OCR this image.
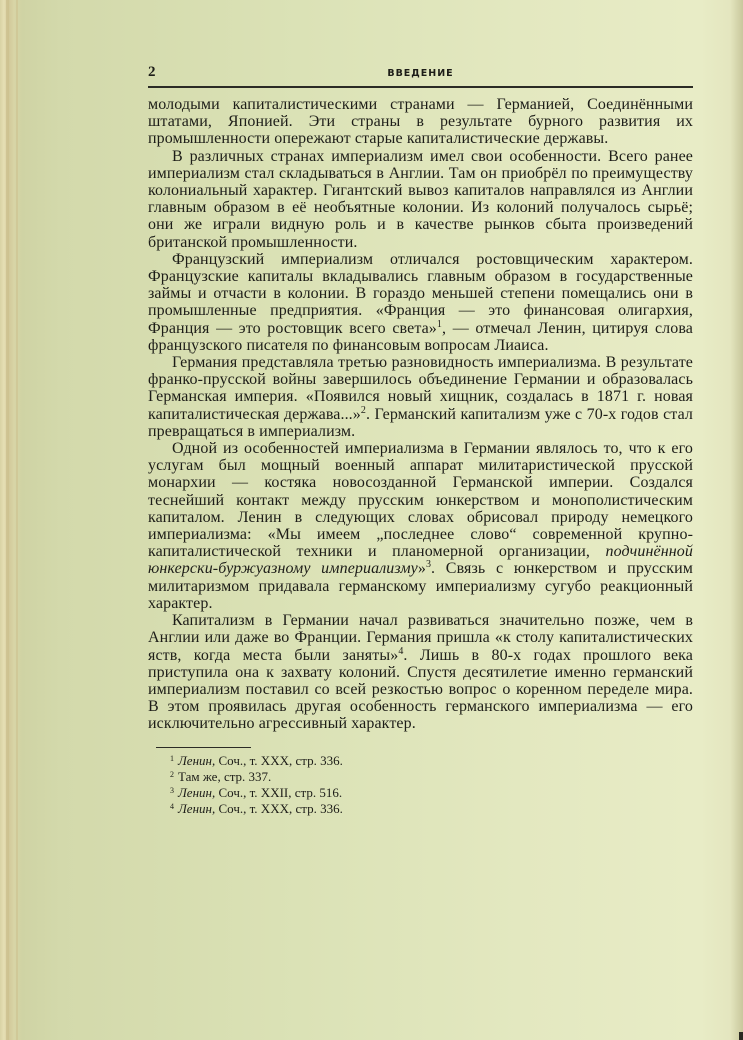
2	ВВЕДЕНИЕ

молодыми капиталистическими странами — Германией, Соединёнными штатами, Японией. Эти страны в результате бурного развития их промышленности опережают старые капиталистические державы.

В различных странах империализм имел свои особенности. Всего ранее империализм стал складываться в Англии. Там он приобрёл по преимуществу колониальный характер. Гигантский вывоз капиталов направлялся из Англии главным образом в её необъятные колонии. Из колоний получалось сырьё; они же играли видную роль и в качестве рынков сбыта произведений британской промышленности.

Французский империализм отличался ростовщическим характером. Французские капиталы вкладывались главным образом в государственные займы и отчасти в колонии. В гораздо меньшей степени помещались они в промышленные предприятия. «Франция — это финансовая олигархия, Франция — это ростовщик всего света»$^1$, — отмечал Ленин, цитируя слова французского писателя по финансовым вопросам Лиаиса.

Германия представляла третью разновидность империализма. В результате франко-прусской войны завершилось объединение Германии и образовалась Германская империя. «Появился новый хищник, создалась в 1871 г. новая капиталистическая держава...»$^2$. Германский капитализм уже с 70-х годов стал превращаться в империализм.

Одной из особенностей империализма в Германии являлось то, что к его услугам был мощный военный аппарат милитаристической прусской монархии — костяка новосозданной Германской империи. Создался теснейший контакт между прусским юнкерством и монополистическим капиталом. Ленин в следующих словах обрисовал природу немецкого империализма: «Мы имеем „последнее слово“ современной крупно-капиталистической техники и планомерной организации, подчинённой юнкерски-буржуазному империализму»$^3$. Связь с юнкерством и прусским милитаризмом придавала германскому империализму сугубо реакционный характер.

Капитализм в Германии начал развиваться значительно позже, чем в Англии или даже во Франции. Германия пришла «к столу капиталистических яств, когда места были заняты»$^4$. Лишь в 80-х годах прошлого века приступила она к захвату колоний. Спустя десятилетие именно германский империализм поставил со всей резкостью вопрос о коренном переделе мира. В этом проявилась другая особенность германского империализма — его исключительно агрессивный характер.

$^1$ Ленин, Соч., т. XXX, стр. 336.
$^2$ Там же, стр. 337.
$^3$ Ленин, Соч., т. XXII, стр. 516.
$^4$ Ленин, Соч., т. XXX, стр. 336.
